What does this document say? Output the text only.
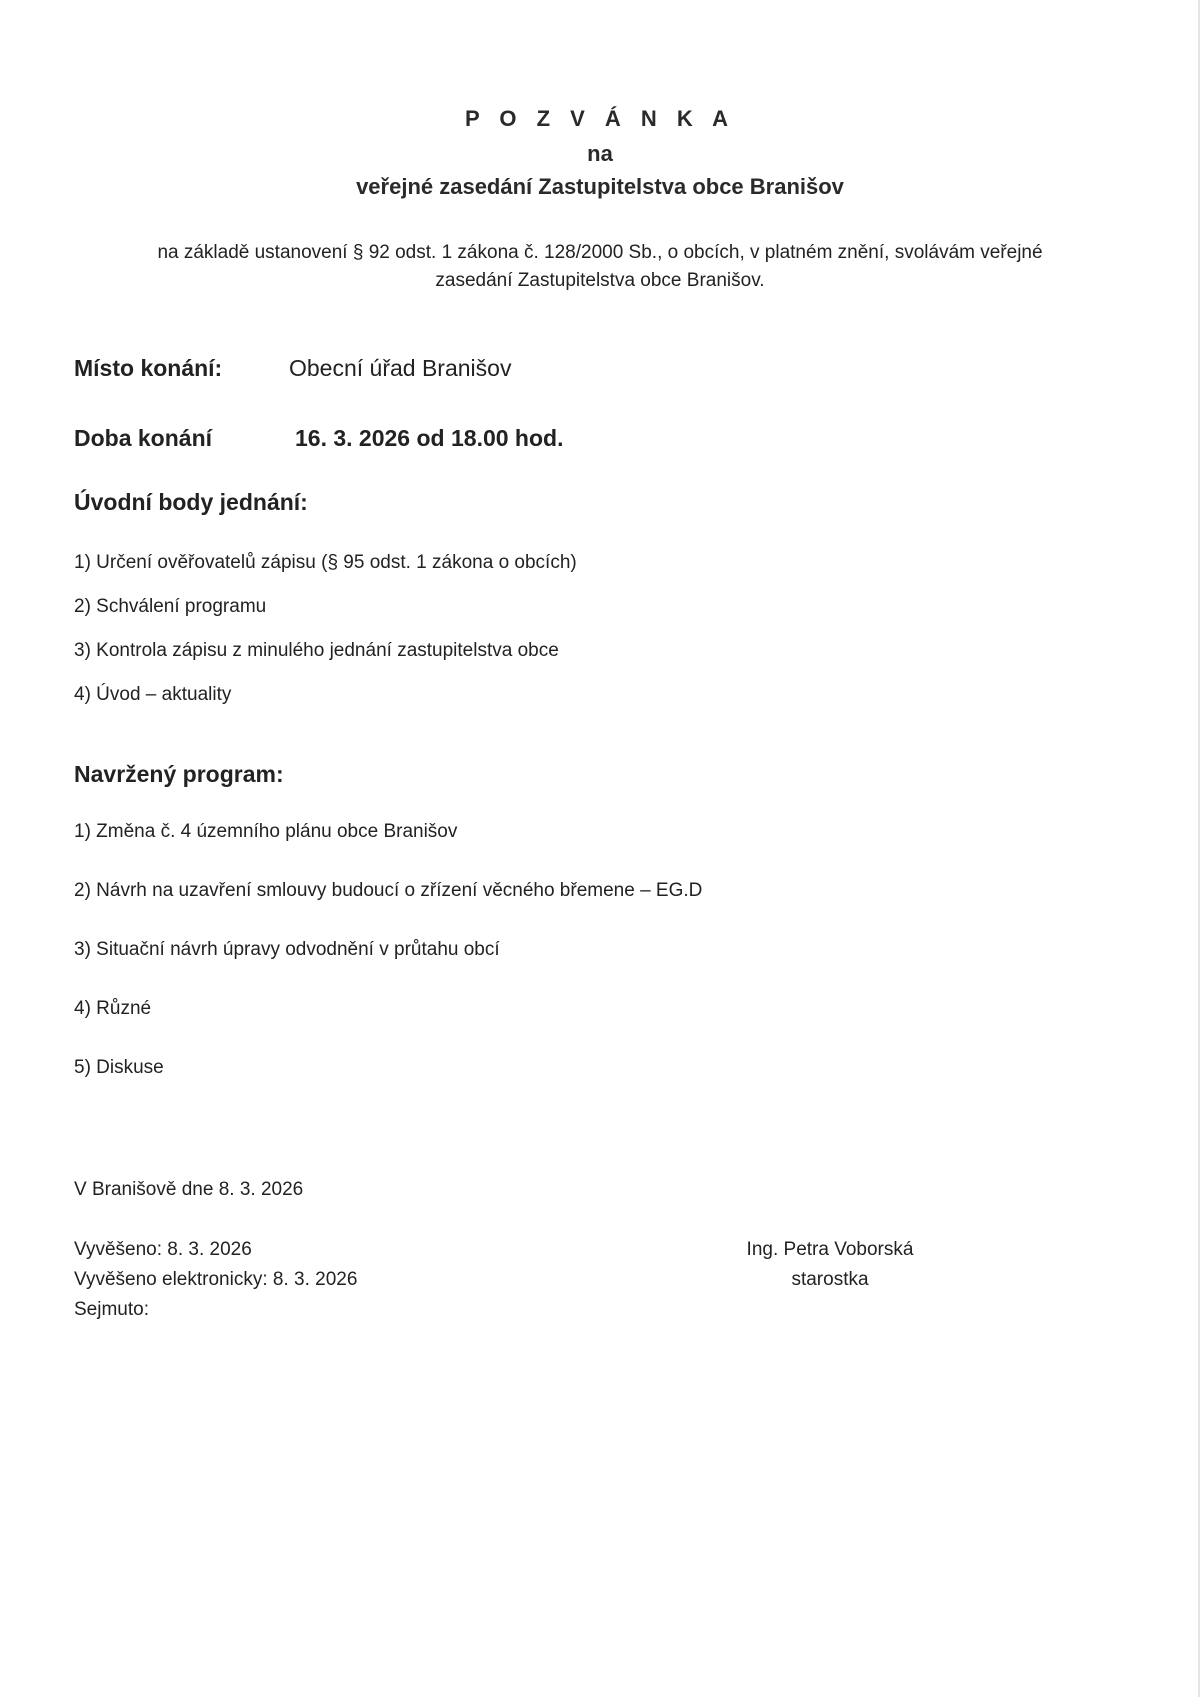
P O Z V Á N K A
na
veřejné zasedání Zastupitelstva obce Branišov
na základě ustanovení § 92 odst. 1 zákona č. 128/2000 Sb., o obcích, v platném znění, svolávám veřejné
zasedání Zastupitelstva obce Branišov.
Místo konání:	Obecní úřad Branišov
Doba konání	16. 3. 2026 od 18.00 hod.
Úvodní body jednání:
1) Určení ověřovatelů zápisu (§ 95 odst. 1 zákona o obcích)
2) Schválení programu
3) Kontrola zápisu z minulého jednání zastupitelstva obce
4) Úvod – aktuality
Navržený program:
1) Změna č. 4 územního plánu obce Branišov
2) Návrh na uzavření smlouvy budoucí o zřízení věcného břemene – EG.D
3) Situační návrh úpravy odvodnění v průtahu obcí
4) Různé
5) Diskuse
V Branišově dne 8. 3. 2026
Vyvěšeno: 8. 3. 2026
Vyvěšeno elektronicky: 8. 3. 2026
Sejmuto:
Ing. Petra Voborská
starostka
